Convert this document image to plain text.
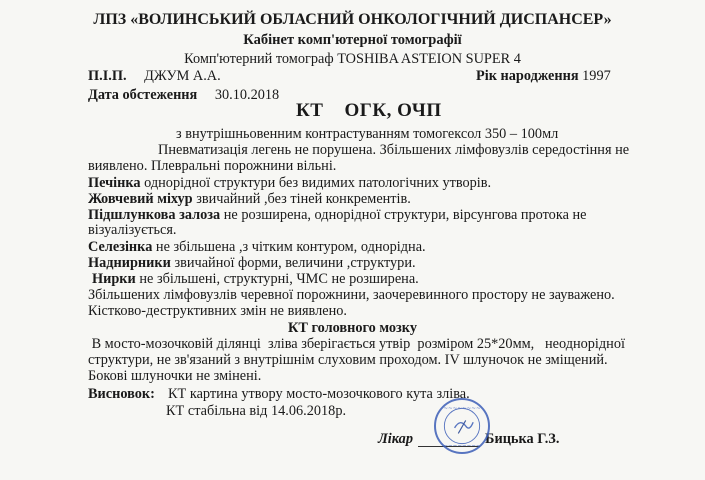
ЛПЗ «ВОЛИНСЬКИЙ ОБЛАСНИЙ ОНКОЛОГІЧНИЙ ДИСПАНСЕР»
Кабінет комп'ютерної томографії
Комп'ютерний томограф TOSHIBA ASTEION SUPER 4
П.І.П. ДЖУМ А.А.	Рік народження 1997
Дата обстеження 30.10.2018
КТ    ОГК, ОЧП
з внутрішньовенним контрастуванням томогексол 350 – 100мл
Пневматизація легень не порушена. Збільшених лімфовузлів середостіння не
виявлено. Плевральні порожнини вільні.
Печінка однорідної структури без видимих патологічних утворів.
Жовчевий міхур звичайний ,без тіней конкрементів.
Підшлункова залоза не розширена, однорідної структури, вірсунгова протока не
візуалізується.
Селезінка не збільшена ,з чітким контуром, однорідна.
Наднирники звичайної форми, величини ,структури.
Нирки не збільшені, структурні, ЧМС не розширена.
Збільшених лімфовузлів черевної порожнини, заочеревинного простору не зауважено.
Кістково-деструктивних змін не виявлено.
КТ головного мозку
В мосто-мозочковій ділянці  зліва зберігається утвір  розміром 25*20мм,   неоднорідної
структури, не зв'язаний з внутрішнім слуховим проходом. IV шлуночок не зміщений.
Бокові шлуночки не змінені.
Висновок: КТ картина утвору мосто-мозочкового кута зліва.
КТ стабільна від 14.06.2018р.
Лікар	Бицька Г.З.
~~~~~~~~
~~~~~~~~
